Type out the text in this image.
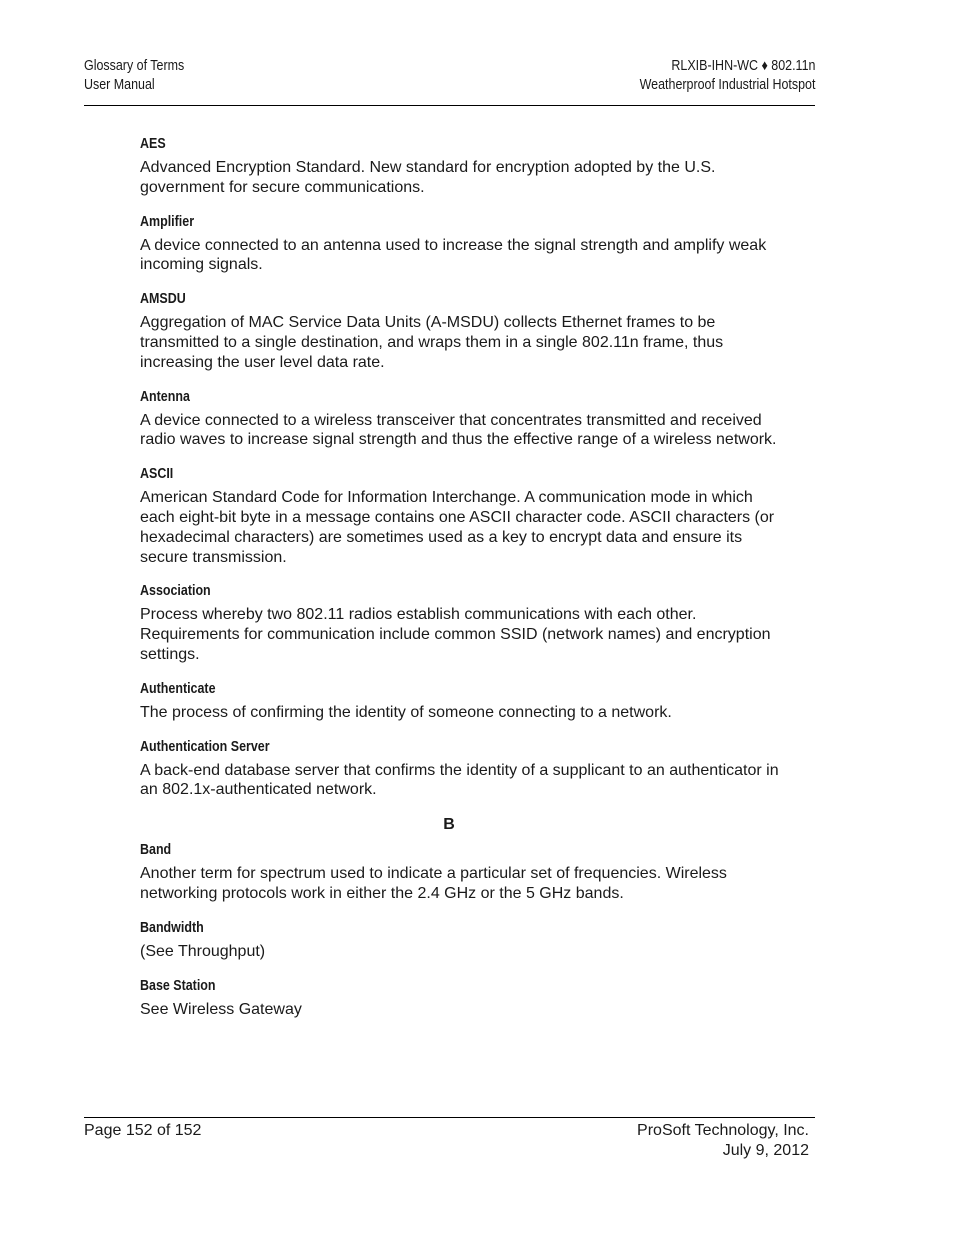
Glossary of Terms
User Manual
RLXIB-IHN-WC ♦ 802.11n
Weatherproof Industrial Hotspot
AES
Advanced Encryption Standard. New standard for encryption adopted by the U.S. government for secure communications.
Amplifier
A device connected to an antenna used to increase the signal strength and amplify weak incoming signals.
AMSDU
Aggregation of MAC Service Data Units (A-MSDU) collects Ethernet frames to be transmitted to a single destination, and wraps them in a single 802.11n frame, thus increasing the user level data rate.
Antenna
A device connected to a wireless transceiver that concentrates transmitted and received radio waves to increase signal strength and thus the effective range of a wireless network.
ASCII
American Standard Code for Information Interchange. A communication mode in which each eight-bit byte in a message contains one ASCII character code. ASCII characters (or hexadecimal characters) are sometimes used as a key to encrypt data and ensure its secure transmission.
Association
Process whereby two 802.11 radios establish communications with each other. Requirements for communication include common SSID (network names) and encryption settings.
Authenticate
The process of confirming the identity of someone connecting to a network.
Authentication Server
A back-end database server that confirms the identity of a supplicant to an authenticator in an 802.1x-authenticated network.
B
Band
Another term for spectrum used to indicate a particular set of frequencies. Wireless networking protocols work in either the 2.4 GHz or the 5 GHz bands.
Bandwidth
(See Throughput)
Base Station
See Wireless Gateway
Page 152 of 152	ProSoft Technology, Inc.
July 9, 2012
